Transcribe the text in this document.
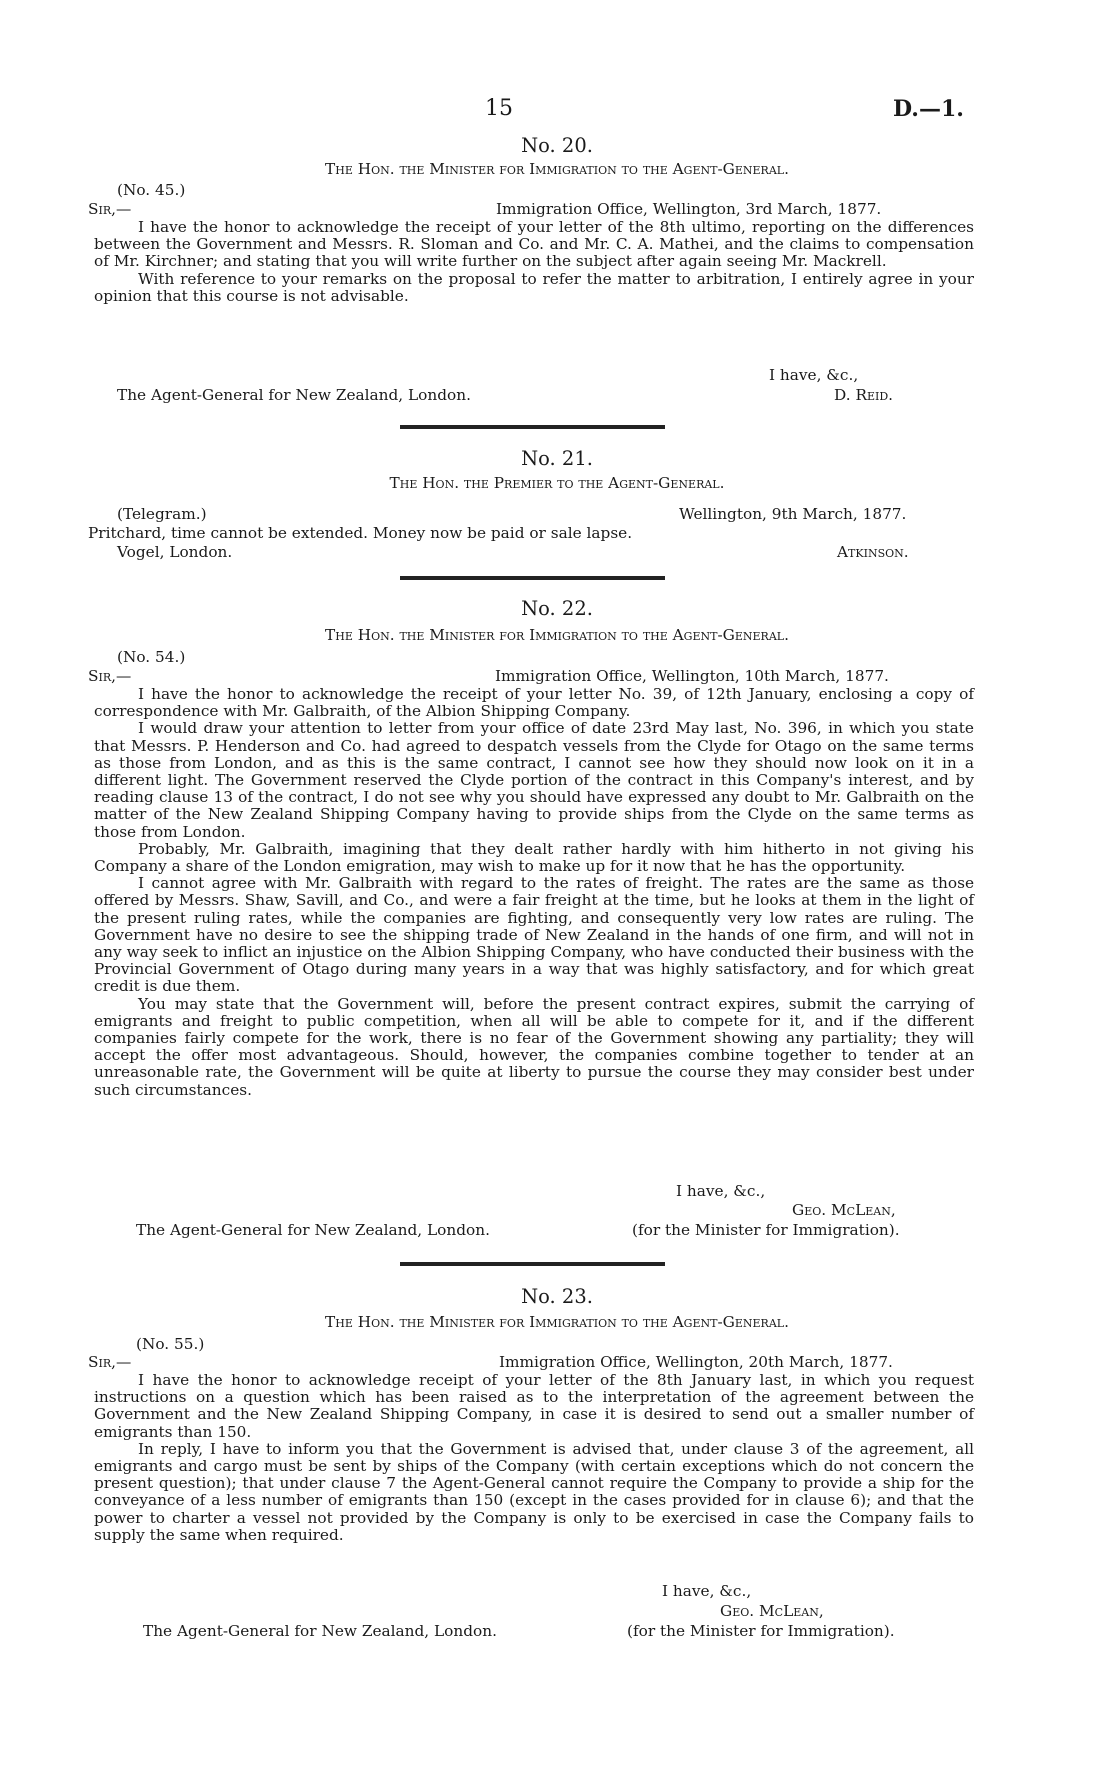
15	D.—1.
No. 20.
The Hon. the Minister for Immigration to the Agent-General.
(No. 45.)
Sir,—	Immigration Office, Wellington, 3rd March, 1877.

I have the honor to acknowledge the receipt of your letter of the 8th ultimo, reporting on the differences between the Government and Messrs. R. Sloman and Co. and Mr. C. A. Mathei, and the claims to compensation of Mr. Kirchner; and stating that you will write further on the subject after again seeing Mr. Mackrell.

With reference to your remarks on the proposal to refer the matter to arbitration, I entirely agree in your opinion that this course is not advisable.

I have, &c.,
The Agent-General for New Zealand, London.	D. Reid.
No. 21.
The Hon. the Premier to the Agent-General.
(Telegram.)	Wellington, 9th March, 1877.
Pritchard, time cannot be extended. Money now be paid or sale lapse.
Vogel, London.	Atkinson.
No. 22.
The Hon. the Minister for Immigration to the Agent-General.
(No. 54.)
Sir,—	Immigration Office, Wellington, 10th March, 1877.

I have the honor to acknowledge the receipt of your letter No. 39, of 12th January, enclosing a copy of correspondence with Mr. Galbraith, of the Albion Shipping Company.

I would draw your attention to letter from your office of date 23rd May last, No. 396, in which you state that Messrs. P. Henderson and Co. had agreed to despatch vessels from the Clyde for Otago on the same terms as those from London, and as this is the same contract, I cannot see how they should now look on it in a different light. The Government reserved the Clyde portion of the contract in this Company's interest, and by reading clause 13 of the contract, I do not see why you should have expressed any doubt to Mr. Galbraith on the matter of the New Zealand Shipping Company having to provide ships from the Clyde on the same terms as those from London.

Probably, Mr. Galbraith, imagining that they dealt rather hardly with him hitherto in not giving his Company a share of the London emigration, may wish to make up for it now that he has the opportunity.

I cannot agree with Mr. Galbraith with regard to the rates of freight. The rates are the same as those offered by Messrs. Shaw, Savill, and Co., and were a fair freight at the time, but he looks at them in the light of the present ruling rates, while the companies are fighting, and consequently very low rates are ruling. The Government have no desire to see the shipping trade of New Zealand in the hands of one firm, and will not in any way seek to inflict an injustice on the Albion Shipping Company, who have conducted their business with the Provincial Government of Otago during many years in a way that was highly satisfactory, and for which great credit is due them.

You may state that the Government will, before the present contract expires, submit the carrying of emigrants and freight to public competition, when all will be able to compete for it, and if the different companies fairly compete for the work, there is no fear of the Government showing any partiality; they will accept the offer most advantageous. Should, however, the companies combine together to tender at an unreasonable rate, the Government will be quite at liberty to pursue the course they may consider best under such circumstances.

I have, &c.,
Geo. McLean,
The Agent-General for New Zealand, London.	(for the Minister for Immigration).
No. 23.
The Hon. the Minister for Immigration to the Agent-General.
(No. 55.)
Sir,—	Immigration Office, Wellington, 20th March, 1877.

I have the honor to acknowledge receipt of your letter of the 8th January last, in which you request instructions on a question which has been raised as to the interpretation of the agreement between the Government and the New Zealand Shipping Company, in case it is desired to send out a smaller number of emigrants than 150.

In reply, I have to inform you that the Government is advised that, under clause 3 of the agreement, all emigrants and cargo must be sent by ships of the Company (with certain exceptions which do not concern the present question); that under clause 7 the Agent-General cannot require the Company to provide a ship for the conveyance of a less number of emigrants than 150 (except in the cases provided for in clause 6); and that the power to charter a vessel not provided by the Company is only to be exercised in case the Company fails to supply the same when required.

I have, &c.,
Geo. McLean,
The Agent-General for New Zealand, London.	(for the Minister for Immigration).
